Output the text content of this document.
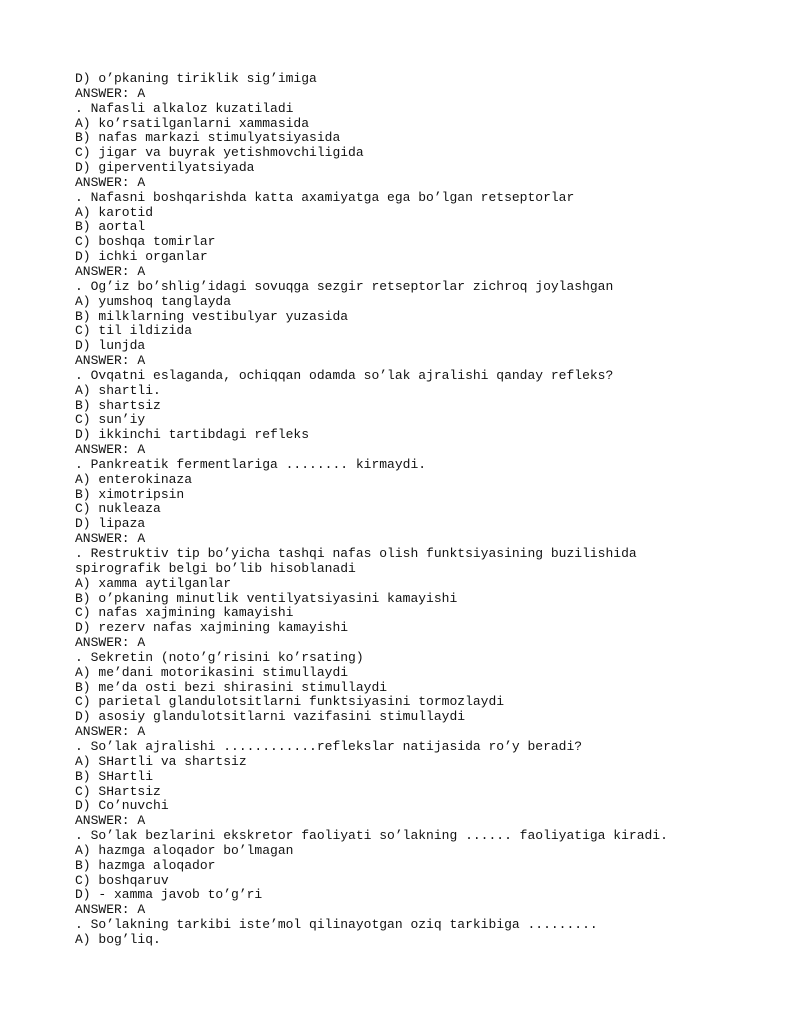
D) o’pkaning tiriklik sig’imiga

ANSWER: A

. Nafasli alkaloz kuzatiladi

A) ko’rsatilganlarni xammasida

B) nafas markazi stimulyatsiyasida

C) jigar va buyrak yetishmovchiligida

D) giperventilyatsiyada

ANSWER: A

. Nafasni boshqarishda katta axamiyatga ega bo’lgan retseptorlar

A) karotid

B) aortal

C) boshqa tomirlar

D) ichki organlar

ANSWER: A

. Og’iz bo’shlig’idagi sovuqga sezgir retseptorlar zichroq joylashgan

A) yumshoq tanglayda

B) milklarning vestibulyar yuzasida

C) til ildizida

D) lunjda

ANSWER: A

. Ovqatni eslaganda, ochiqqan odamda so’lak ajralishi qanday refleks?

A) shartli.

B) shartsiz

C) sun’iy

D) ikkinchi tartibdagi refleks

ANSWER: A

. Pankreatik fermentlariga ........ kirmaydi.

A) enterokinaza

B) ximotripsin

C) nukleaza

D) lipaza

ANSWER: A

. Restruktiv tip bo’yicha tashqi nafas olish funktsiyasining buzilishida

spirografik belgi bo’lib hisoblanadi

A) xamma aytilganlar

B) o’pkaning minutlik ventilyatsiyasini kamayishi

C) nafas xajmining kamayishi

D) rezerv nafas xajmining kamayishi

ANSWER: A

. Sekretin (noto’g’risini ko’rsating)

A) me’dani motorikasini stimullaydi

B) me’da osti bezi shirasini stimullaydi

C) parietal glandulotsitlarni funktsiyasini tormozlaydi

D) asosiy glandulotsitlarni vazifasini stimullaydi

ANSWER: A

. So’lak ajralishi ............reflekslar natijasida ro’y beradi?

A) SHartli va shartsiz

B) SHartli

C) SHartsiz

D) Co’nuvchi

ANSWER: A

. So’lak bezlarini ekskretor faoliyati so’lakning ...... faoliyatiga kiradi.

A) hazmga aloqador bo’lmagan

B) hazmga aloqador

C) boshqaruv

D) - xamma javob to’g’ri

ANSWER: A

. So’lakning tarkibi iste’mol qilinayotgan oziq tarkibiga .........

A) bog’liq.
